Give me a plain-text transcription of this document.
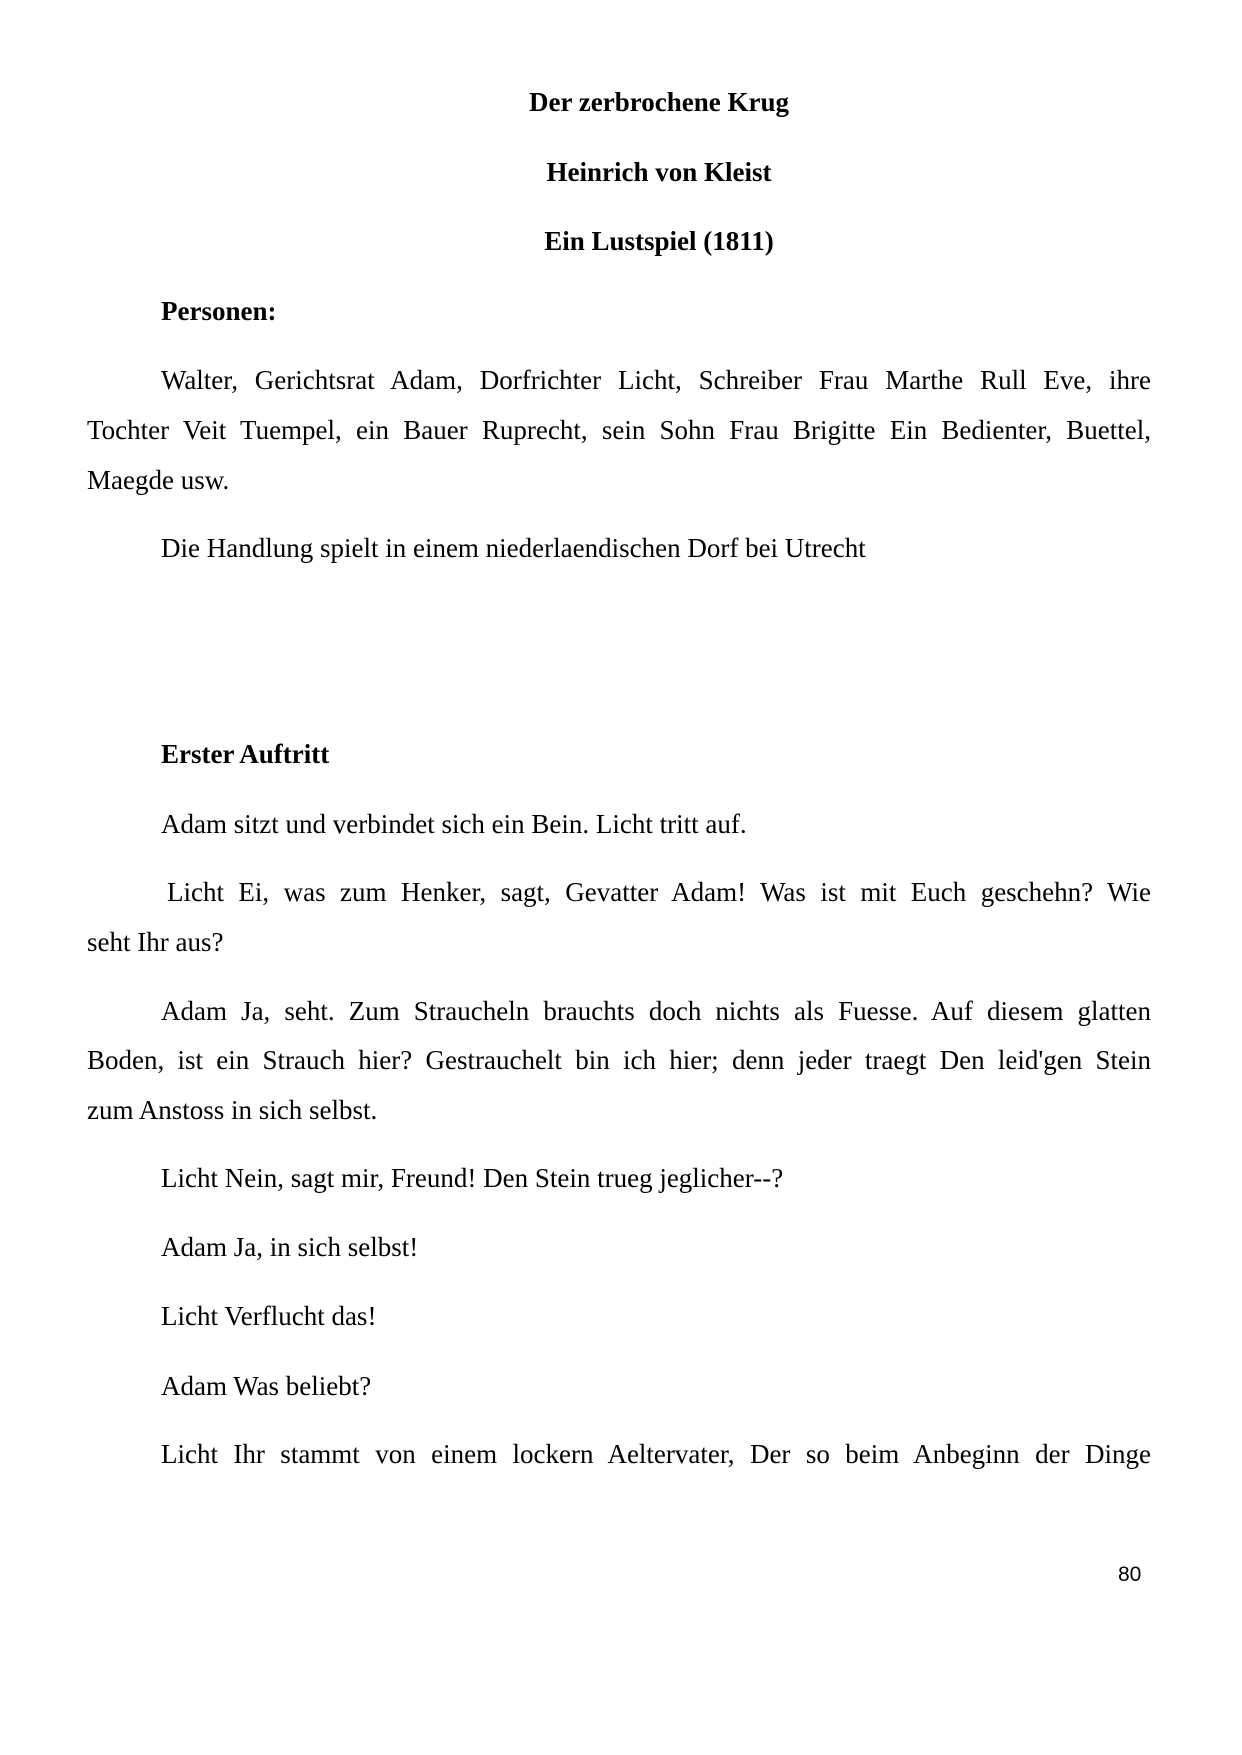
Der zerbrochene Krug
Heinrich von Kleist
Ein Lustspiel (1811)
Personen:
Walter, Gerichtsrat Adam, Dorfrichter Licht, Schreiber Frau Marthe Rull Eve, ihre
Tochter Veit Tuempel, ein Bauer Ruprecht, sein Sohn Frau Brigitte Ein Bedienter, Buettel,
Maegde usw.
Die Handlung spielt in einem niederlaendischen Dorf bei Utrecht
Erster Auftritt
Adam sitzt und verbindet sich ein Bein. Licht tritt auf.
Licht Ei, was zum Henker, sagt, Gevatter Adam! Was ist mit Euch geschehn? Wie
seht Ihr aus?
Adam Ja, seht. Zum Straucheln brauchts doch nichts als Fuesse. Auf diesem glatten
Boden, ist ein Strauch hier? Gestrauchelt bin ich hier; denn jeder traegt Den leid'gen Stein
zum Anstoss in sich selbst.
Licht Nein, sagt mir, Freund! Den Stein trueg jeglicher--?
Adam Ja, in sich selbst!
Licht Verflucht das!
Adam Was beliebt?
Licht Ihr stammt von einem lockern Aeltervater, Der so beim Anbeginn der Dinge
80
